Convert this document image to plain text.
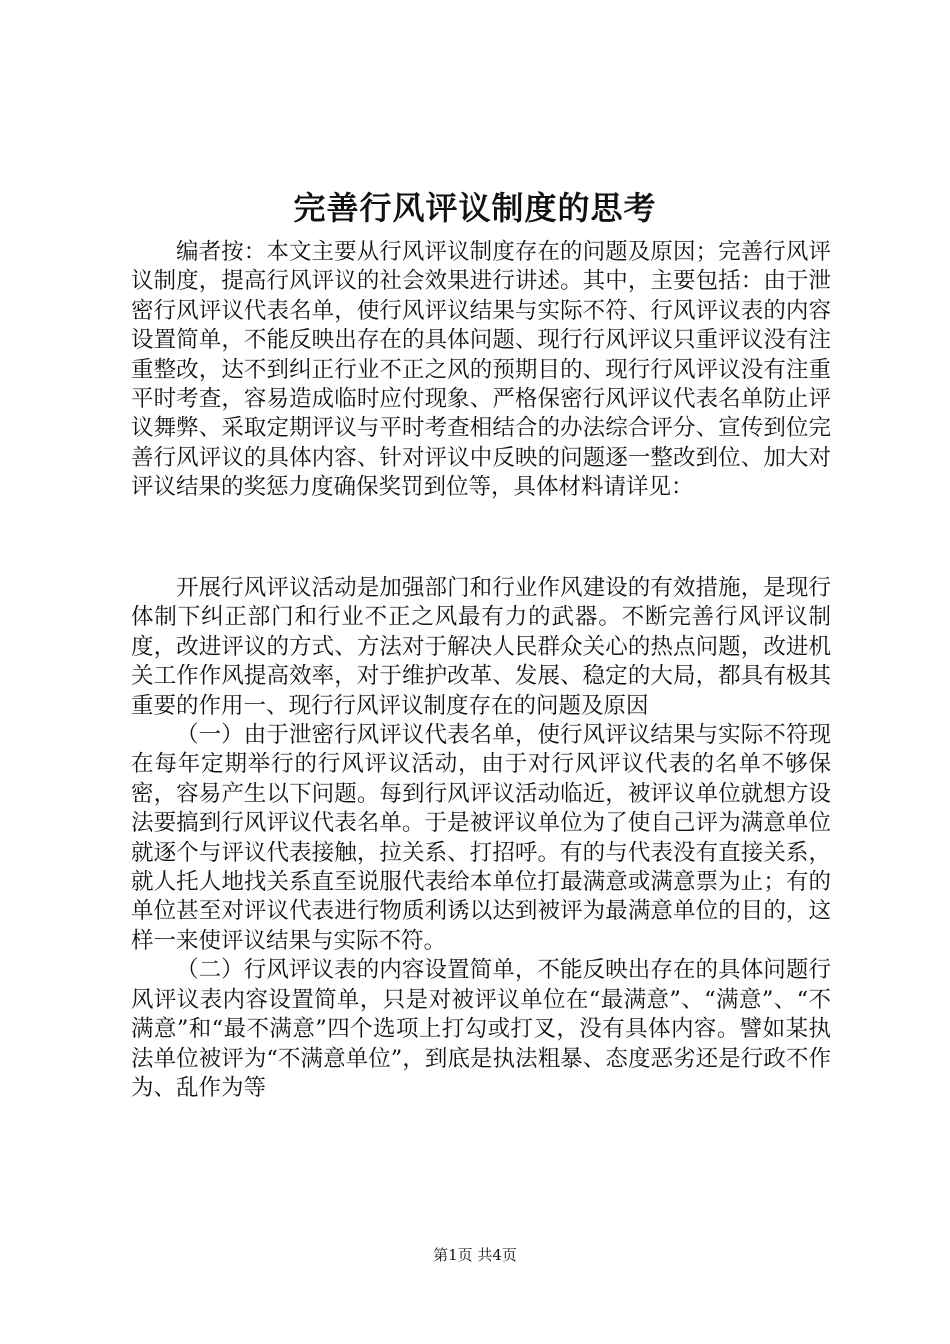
完善行风评议制度的思考

编者按：本文主要从行风评议制度存在的问题及原因；完善行风评议制度，提高行风评议的社会效果进行讲述。其中，主要包括：由于泄密行风评议代表名单，使行风评议结果与实际不符、行风评议表的内容设置简单，不能反映出存在的具体问题、现行行风评议只重评议没有注重整改，达不到纠正行业不正之风的预期目的、现行行风评议没有注重平时考查，容易造成临时应付现象、严格保密行风评议代表名单防止评议舞弊、采取定期评议与平时考查相结合的办法综合评分、宣传到位完善行风评议的具体内容、针对评议中反映的问题逐一整改到位、加大对评议结果的奖惩力度确保奖罚到位等，具体材料请详见：

开展行风评议活动是加强部门和行业作风建设的有效措施，是现行体制下纠正部门和行业不正之风最有力的武器。不断完善行风评议制度，改进评议的方式、方法对于解决人民群众关心的热点问题，改进机关工作作风提高效率，对于维护改革、发展、稳定的大局，都具有极其重要的作用一、现行行风评议制度存在的问题及原因

（一）由于泄密行风评议代表名单，使行风评议结果与实际不符现在每年定期举行的行风评议活动，由于对行风评议代表的名单不够保密，容易产生以下问题。每到行风评议活动临近，被评议单位就想方设法要搞到行风评议代表名单。于是被评议单位为了使自己评为满意单位就逐个与评议代表接触，拉关系、打招呼。有的与代表没有直接关系，就人托人地找关系直至说服代表给本单位打最满意或满意票为止；有的单位甚至对评议代表进行物质利诱以达到被评为最满意单位的目的，这样一来使评议结果与实际不符。

（二）行风评议表的内容设置简单，不能反映出存在的具体问题行风评议表内容设置简单，只是对被评议单位在“最满意”、“满意”、“不满意”和“最不满意”四个选项上打勾或打叉，没有具体内容。譬如某执法单位被评为“不满意单位”，到底是执法粗暴、态度恶劣还是行政不作为、乱作为等

第1页 共4页
